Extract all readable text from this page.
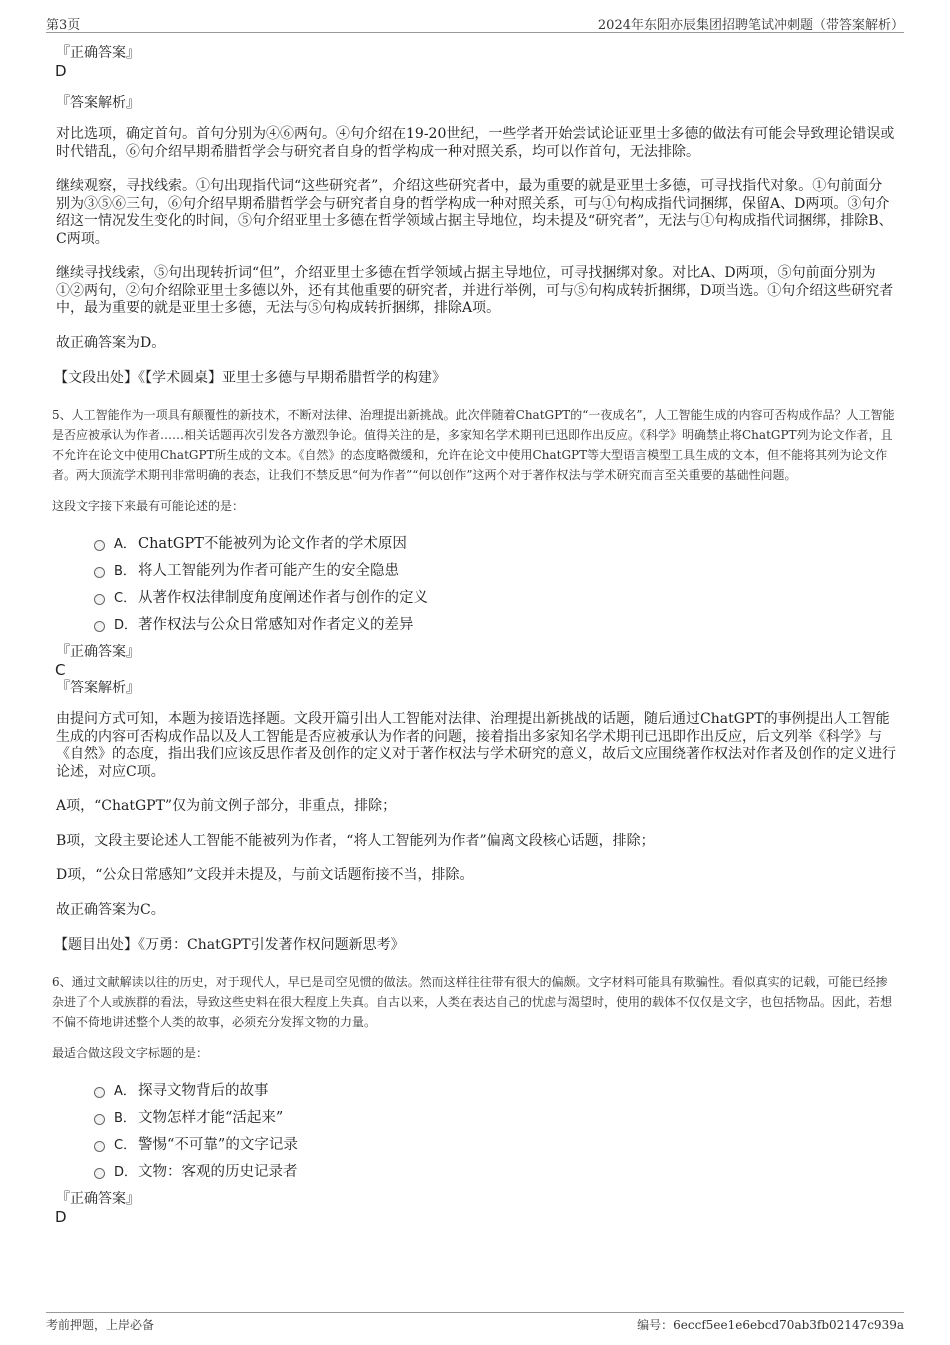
第3页	2024年东阳亦辰集团招聘笔试冲刺题（带答案解析）

『正确答案』

D

『答案解析』

对比选项，确定首句。首句分别为④⑥两句。④句介绍在19-20世纪，一些学者开始尝试论证亚里士多德的做法有可能会导致理论错误或时代错乱，⑥句介绍早期希腊哲学会与研究者自身的哲学构成一种对照关系，均可以作首句，无法排除。

继续观察，寻找线索。①句出现指代词“这些研究者”，介绍这些研究者中，最为重要的就是亚里士多德，可寻找指代对象。①句前面分别为③⑤⑥三句，⑥句介绍早期希腊哲学会与研究者自身的哲学构成一种对照关系，可与①句构成指代词捆绑，保留A、D两项。③句介绍这一情况发生变化的时间，⑤句介绍亚里士多德在哲学领域占据主导地位，均未提及“研究者”，无法与①句构成指代词捆绑，排除B、C两项。

继续寻找线索，⑤句出现转折词“但”，介绍亚里士多德在哲学领域占据主导地位，可寻找捆绑对象。对比A、D两项，⑤句前面分别为①②两句，②句介绍除亚里士多德以外，还有其他重要的研究者，并进行举例，可与⑤句构成转折捆绑，D项当选。①句介绍这些研究者中，最为重要的就是亚里士多德，无法与⑤句构成转折捆绑，排除A项。

故正确答案为D。

【文段出处】《【学术圆桌】亚里士多德与早期希腊哲学的构建》

5、人工智能作为一项具有颠覆性的新技术，不断对法律、治理提出新挑战。此次伴随着ChatGPT的“一夜成名”，人工智能生成的内容可否构成作品？人工智能是否应被承认为作者……相关话题再次引发各方激烈争论。值得关注的是，多家知名学术期刊已迅即作出反应。《科学》明确禁止将ChatGPT列为论文作者，且不允许在论文中使用ChatGPT所生成的文本。《自然》的态度略微缓和，允许在论文中使用ChatGPT等大型语言模型工具生成的文本，但不能将其列为论文作者。两大顶流学术期刊非常明确的表态，让我们不禁反思“何为作者”“何以创作”这两个对于著作权法与学术研究而言至关重要的基础性问题。

这段文字接下来最有可能论述的是：

A． ChatGPT不能被列为论文作者的学术原因
B． 将人工智能列为作者可能产生的安全隐患
C． 从著作权法律制度角度阐述作者与创作的定义
D．著作权法与公众日常感知对作者定义的差异

『正确答案』

C

『答案解析』

由提问方式可知，本题为接语选择题。文段开篇引出人工智能对法律、治理提出新挑战的话题，随后通过ChatGPT的事例提出人工智能生成的内容可否构成作品以及人工智能是否应被承认为作者的问题，接着指出多家知名学术期刊已迅即作出反应，后文列举《科学》与《自然》的态度，指出我们应该反思作者及创作的定义对于著作权法与学术研究的意义，故后文应围绕著作权法对作者及创作的定义进行论述，对应C项。

A项，“ChatGPT”仅为前文例子部分，非重点，排除；

B项，文段主要论述人工智能不能被列为作者，“将人工智能列为作者”偏离文段核心话题，排除；

D项，“公众日常感知”文段并未提及，与前文话题衔接不当，排除。

故正确答案为C。

【题目出处】《万勇：ChatGPT引发著作权问题新思考》

6、通过文献解读以往的历史，对于现代人，早已是司空见惯的做法。然而这样往往带有很大的偏颇。文字材料可能具有欺骗性。看似真实的记载，可能已经掺杂进了个人或族群的看法，导致这些史料在很大程度上失真。自古以来，人类在表达自己的忧虑与渴望时，使用的载体不仅仅是文字，也包括物品。因此，若想不偏不倚地讲述整个人类的故事，必须充分发挥文物的力量。

最适合做这段文字标题的是：

A． 探寻文物背后的故事
B． 文物怎样才能“活起来”
C． 警惕“不可靠”的文字记录
D．文物：客观的历史记录者

『正确答案』

D

考前押题，上岸必备	编号：6eccf5ee1e6ebcd70ab3fb02147c939a
